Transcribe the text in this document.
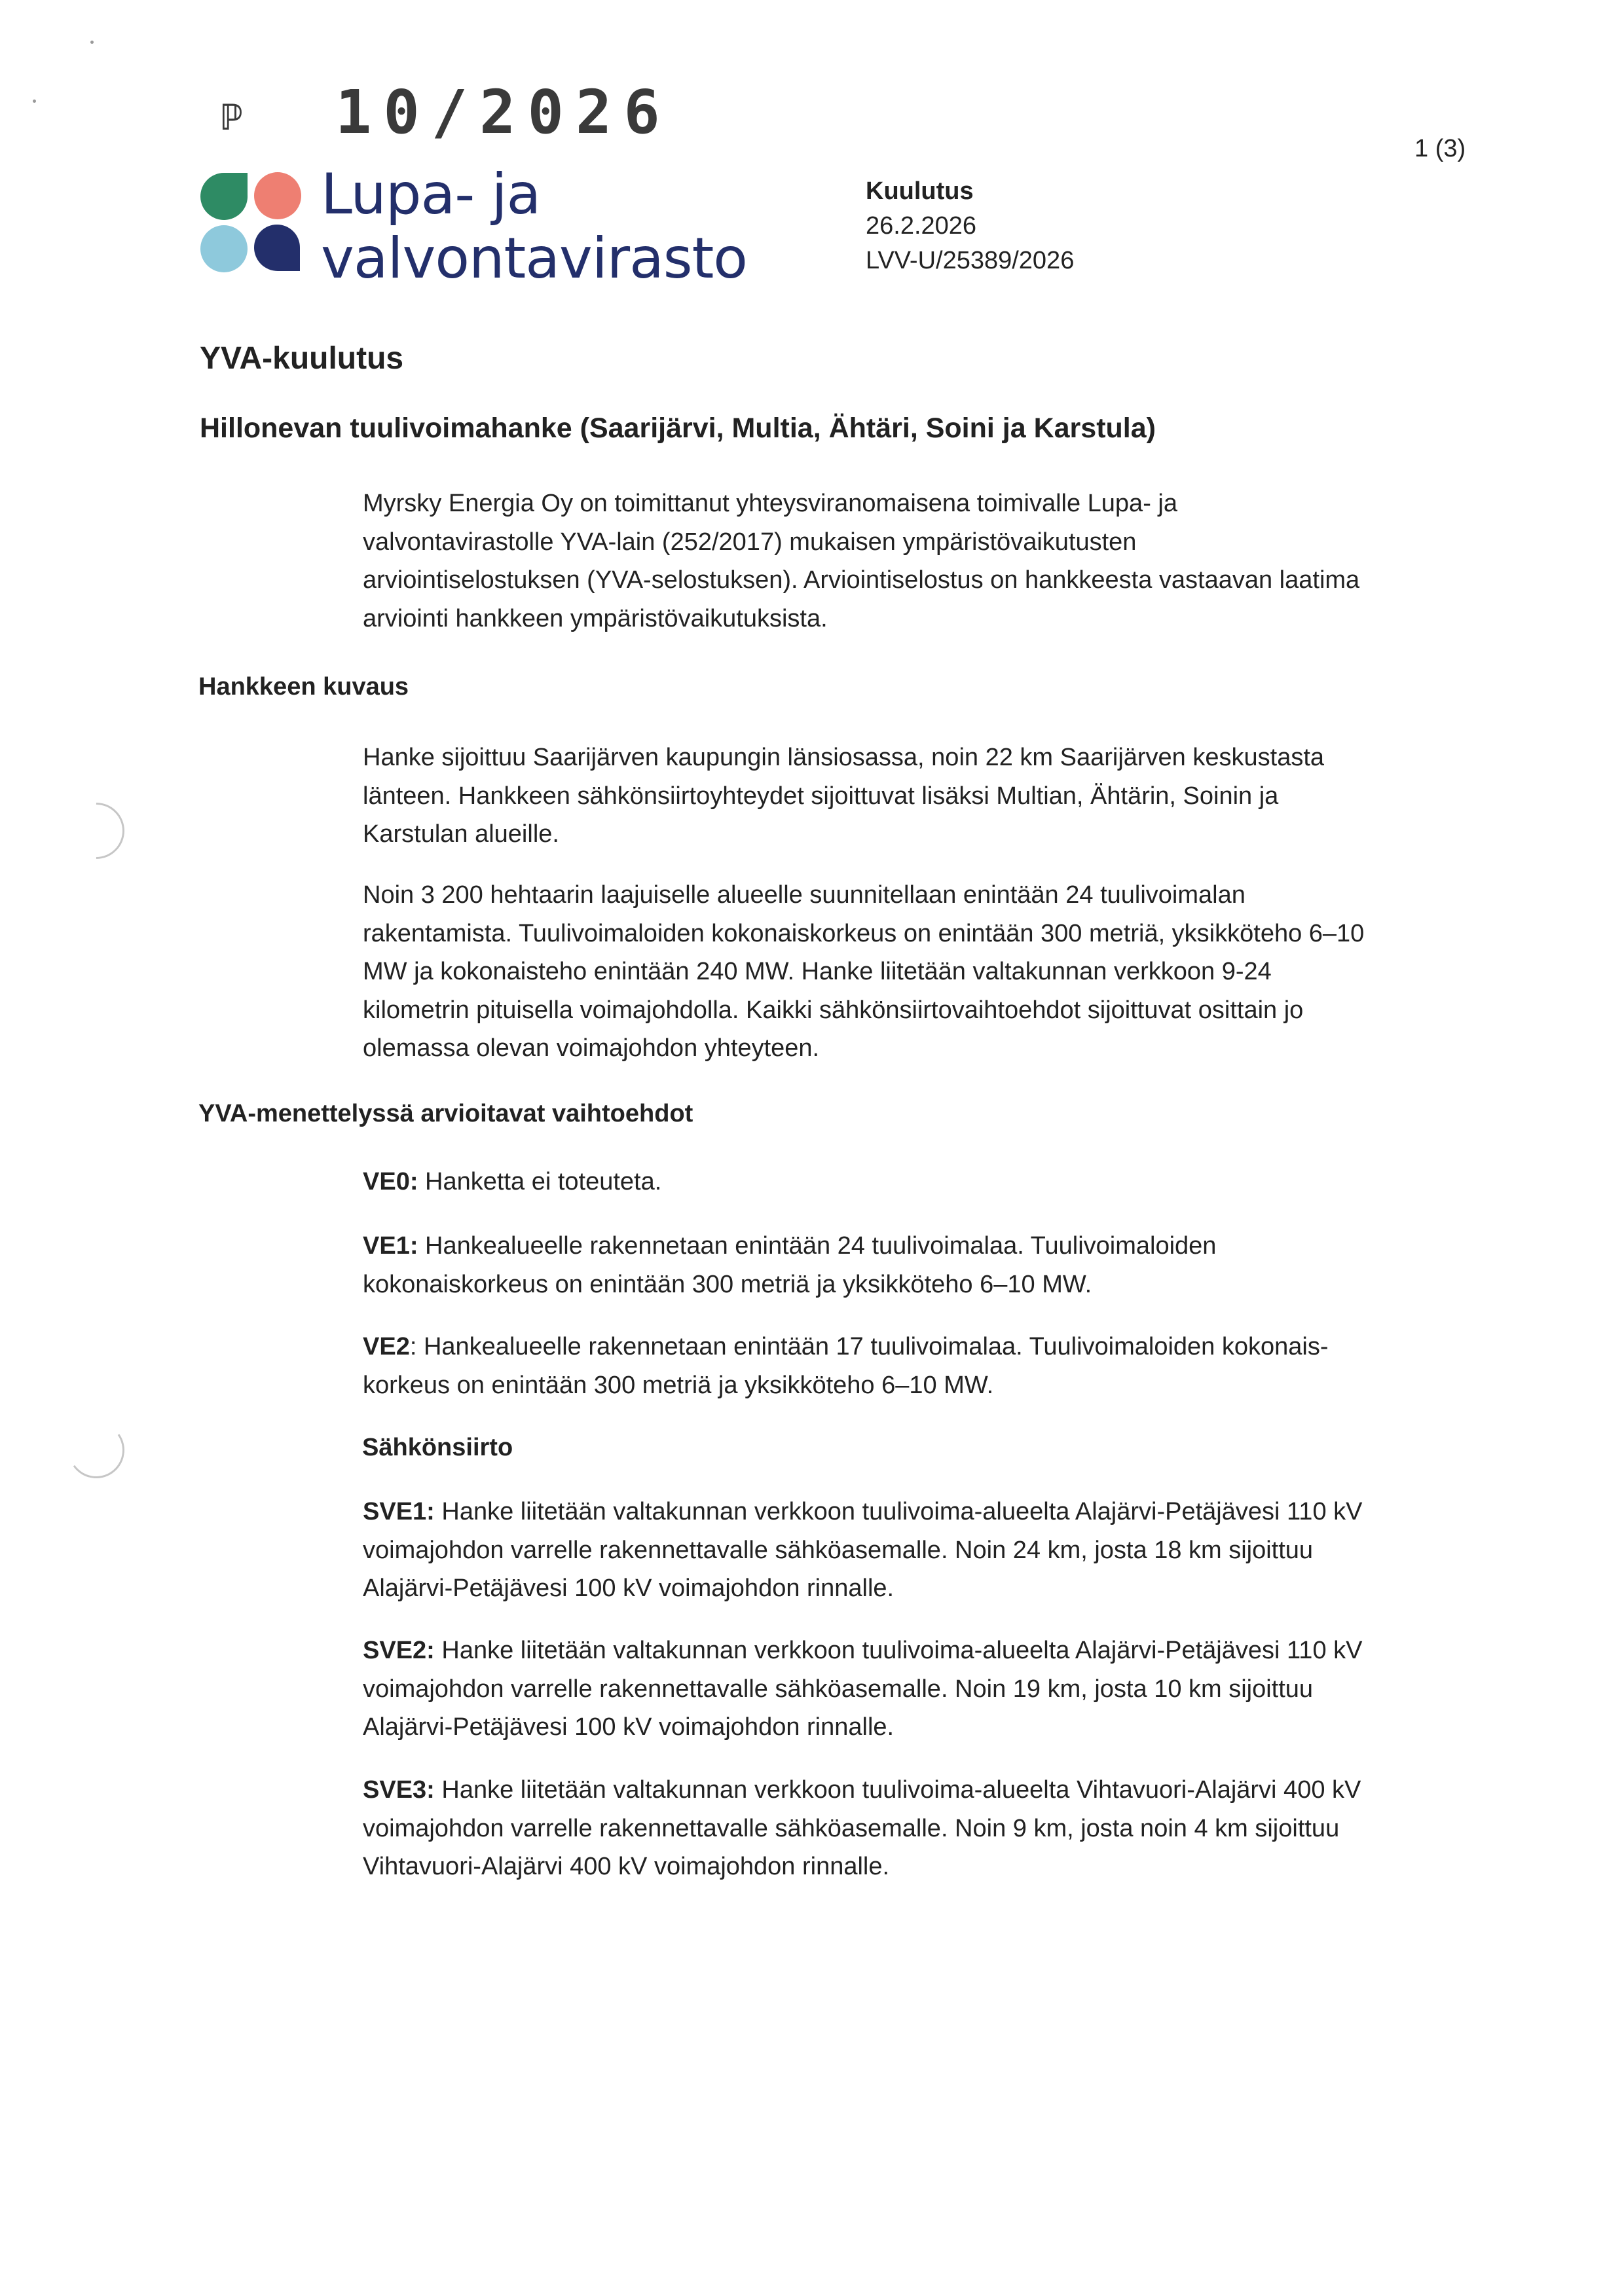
ℙ 10/2026
1 (3)
Lupa- ja
valvontavirasto
Kuulutus
26.2.2026
LVV-U/25389/2026
YVA-kuulutus
Hillonevan tuulivoimahanke (Saarijärvi, Multia, Ähtäri, Soini ja Karstula)
Myrsky Energia Oy on toimittanut yhteysviranomaisena toimivalle Lupa- ja
valvontavirastolle YVA-lain (252/2017) mukaisen ympäristövaikutusten
arviointiselostuksen (YVA-selostuksen). Arviointiselostus on hankkeesta vastaavan laatima
arviointi hankkeen ympäristövaikutuksista.
Hankkeen kuvaus
Hanke sijoittuu Saarijärven kaupungin länsiosassa, noin 22 km Saarijärven keskustasta
länteen. Hankkeen sähkönsiirtoyhteydet sijoittuvat lisäksi Multian, Ähtärin, Soinin ja
Karstulan alueille.
Noin 3 200 hehtaarin laajuiselle alueelle suunnitellaan enintään 24 tuulivoimalan
rakentamista. Tuulivoimaloiden kokonaiskorkeus on enintään 300 metriä, yksikköteho 6–10
MW ja kokonaisteho enintään 240 MW. Hanke liitetään valtakunnan verkkoon 9-24
kilometrin pituisella voimajohdolla. Kaikki sähkönsiirtovaihtoehdot sijoittuvat osittain jo
olemassa olevan voimajohdon yhteyteen.
YVA-menettelyssä arvioitavat vaihtoehdot
VE0: Hanketta ei toteuteta.
VE1: Hankealueelle rakennetaan enintään 24 tuulivoimalaa. Tuulivoimaloiden
kokonaiskorkeus on enintään 300 metriä ja yksikköteho 6–10 MW.
VE2: Hankealueelle rakennetaan enintään 17 tuulivoimalaa. Tuulivoimaloiden kokonais-
korkeus on enintään 300 metriä ja yksikköteho 6–10 MW.
Sähkönsiirto
SVE1: Hanke liitetään valtakunnan verkkoon tuulivoima-alueelta Alajärvi-Petäjävesi 110 kV
voimajohdon varrelle rakennettavalle sähköasemalle. Noin 24 km, josta 18 km sijoittuu
Alajärvi-Petäjävesi 100 kV voimajohdon rinnalle.
SVE2: Hanke liitetään valtakunnan verkkoon tuulivoima-alueelta Alajärvi-Petäjävesi 110 kV
voimajohdon varrelle rakennettavalle sähköasemalle. Noin 19 km, josta 10 km sijoittuu
Alajärvi-Petäjävesi 100 kV voimajohdon rinnalle.
SVE3: Hanke liitetään valtakunnan verkkoon tuulivoima-alueelta Vihtavuori-Alajärvi 400 kV
voimajohdon varrelle rakennettavalle sähköasemalle. Noin 9 km, josta noin 4 km sijoittuu
Vihtavuori-Alajärvi 400 kV voimajohdon rinnalle.
